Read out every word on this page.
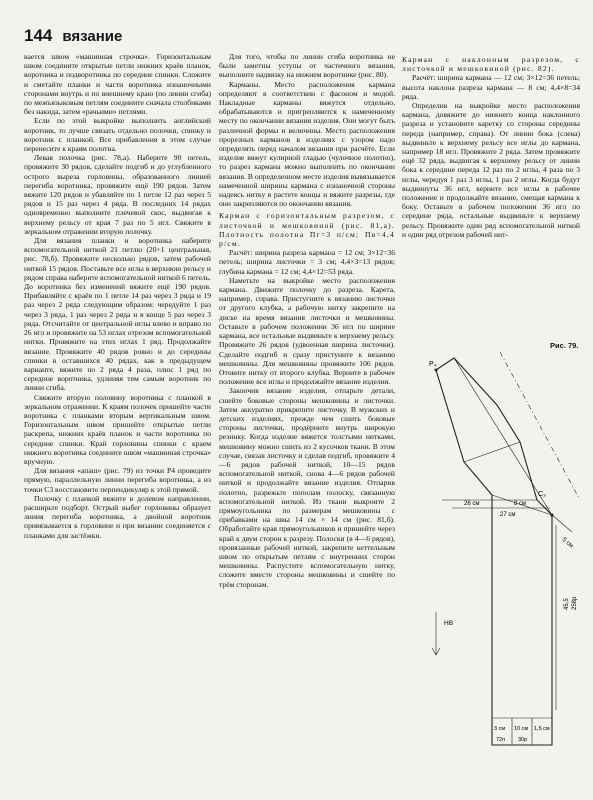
144 вязание

вается швом «машинная строчка». Горизонтальным швом соедините открытые петли нижних краёв планок, воротника и подворотника по середине спинки. Сложите и сметайте планки и части воротника изнаночными сторонами внутрь и по внешнему краю (по линии сгиба) по межъязыковым петлям соедините сначала столбиками без накида, затем «рачьими» петлями.

Если по этой выкройке выполнить английский воротник, то лучше связать отдельно полочки, спинку и воротник с планкой. Все прибавления в этом случае перенесите к краям полотна.

Левая полочка (рис. 78,а). Наберите 90 петель, провяжите 30 рядов, сделайте подгиб и до углубленного острого выреза горловины, образованного линией перегиба воротника, провяжите ещё 190 рядов. Затем вяжите 120 рядов и убавляйте по 1 петле 12 раз через 5 рядов и 15 раз через 4 ряда. В последних 14 рядах одновременно выполните плечевой скос, выдвигая к верхнему рельсу от края 7 раз по 5 игл. Свяжите в зеркальном отражении вторую полочку.

Для вязания планки и воротника наберите вспомогательной ниткой 21 петлю (20+1 центральная, рис. 78,б). Провяжите несколько рядов, затем рабочей ниткой 15 рядов. Поставьте все иглы в верхнюю рельсу и рядом справа наберите вспомогательной ниткой 6 петель. До воротника без изменений вяжите ещё 190 рядов. Прибавляйте с краёв по 1 петле 14 раз через 3 ряда и 19 раз через 2 ряда следующим образом: чередуйте 1 раз через 3 ряда, 1 раз через 2 ряда и в конце 5 раз через 3 ряда. Отсчитайте от центральной иглы влево и вправо по 26 игл и провяжите на 53 иглах отрезом вспомогательной нитки. Провяжите на этих иглах 1 ряд. Продолжайте вязание. Провяжите 40 рядов ровно и до середины спинки в оставшихся 40 рядах, как в предыдущем варианте, вяжите по 2 ряда 4 раза, плюс 1 ряд по середине воротника, удлиняя тем самым воротник по линии сгиба.

Свяжите вторую половину воротника с планкой в зеркальном отражении. К краям полочек пришейте части воротника с планками вторым вертикальным швом. Горизонтальным швом пришейте открытые петли раскрепа, нижних краёв планок и части воротника по середине спинки. Край горловины спинки с краем нижнего воротника соедините швом «машинная строчка» вручную.

Для вязания «апаш» (рис. 79) из точки P4 проведите прямую, параллельную линии перегиба воротника, а из точки C3 восстановите перпендикуляр к этой прямой.

Полочку с планкой вяжите в долевом направлении, расширьте подборт. Острый выбег горловины образует линия перегиба воротника, а двойной воротник привязывается к горловине и при вязании соединяется с планками для застёжки.

Для того, чтобы по линии сгиба воротника не были заметны уступы от частичного вязания, выполните надвязку на нижнем воротнике (рис. 80).

Карманы. Место расположения кармана определяют в соответствии с фасоном и модой. Накладные карманы вяжутся отдельно, обрабатываются и пригрепляются к намеченному месту по окончании вязания изделия. Они могут быть различной формы и величины. Место расположения прорезных карманов в изделиях с узором надо определять перед началом вязания при расчёте. Если изделие вяжут кулирной гладью (чулочное полотно), то разрез кармана можно выполнить по окончании вязания. В определенном месте изделия вывязывается намеченной ширины кармана с изнаночной стороны надеясь нитку в растете концы и вяжите разрезы, где они закрепляются по окончании вязания.

Карман с горизонтальным разрезом, с листочкой и мешковиной (рис. 81,а). Плотность полотна Пг=3 п/см; Пв=4,4 р/см.

Расчёт: ширина разреза кармана = 12 см; 3×12=36 петель; ширина листочки = 3 см; 4,4×3=13 рядов; глубина кармана = 12 см; 4,4×12=53 ряда.

Наметьте на выкройке место расположения кармана. Движите полочку до разреза. Карета, например, справа. Пристугните к вязанию листочки от другого клубка, а рабочую нитку закрепите на диске на время вязания листочки и мешковины. Оставьте в рабочем положении 36 игл по ширине кармана, все остальные выдвиньте к верхнему рельсу. Провяжите 26 рядов (удвоенная ширина листочки). Сделайте подгиб и сразу пристуните к вязанию мешковины. Для мешковины провяжите 106 рядов. Отовите нитку от второго клубка. Верните в рабочее положение все иглы и продолжайте вязание изделия.

Закончив вязание изделия, отпарьте детали, сшейте боковые стороны мешковины и листочки. Затем аккуратно прикрепите листочку. В мужских и детских изделиях, прежде чем сшить боковые стороны листочки, продёрните внутрь широкую резинку. Когда изделие вяжется толстыми нитками, мешковину можно сшить из 2 кусочков ткани. В этом случае, связав листочку и сделав подгиб, провяжите 4—6 рядов рабочей ниткой, 10—15 рядов вспомогательной ниткой, снова 4—6 рядов рабочей ниткой и продолжайте вязание изделия. Отпарив полотно, разрежьте пополам полоску, связанную вспомогательной ниткой. Из ткани выкроите 2 прямоугольника по размерам мешковины с прибавками на швы 14 см × 14 см (рис. 81,б). Обработайте края прямоугольников и пришейте через край к двум сторон к разрезу. Полоски (в 4—6 рядов), провязанные рабочей ниткой, закрепите кеттельным швом по открытым петлям с внутренних сторон мешковины. Распустите вспомогательную нитку, сложите вместе стороны мешковины и сшейте по трём сторонам.

Карман с наклонным разрезом, с листочкой и мешковиной (рис. 82).

Расчёт: ширина кармана — 12 см; 3×12=36 петель; высота наклона разреза кармана — 8 см; 4,4×8=34 ряда.

Определив на выкройке место расположения кармана, довяжите до нижнего конца наклонного разреза и установите каретку со стороны середины переда (например, справа). От линии бока (слева) выдвиньте к верхнему рельсу все иглы до кармана, например 18 игл. Провяжите 2 ряда. Затем провяжите ещё 32 ряда, выдвигая к верхнему рельсу от линии бока к середине переда 12 раз по 2 иглы, 4 раза по 3 иглы, чередуя 1 раз 3 иглы, 1 раз 2 иглы. Когда будут выдвинуты 36 игл, верните все иглы в рабочее положение и продолжайте вязание, смещая кармана к боку. Оставьте в рабочем положении 36 игл по середине ряда, остальные выдвиньте к верхнему рельсу. Провяжите один ряд вспомогательной ниткой и один ряд отрезом рабочей нит-

Рис. 79.
P₄
C₃
НВ
26 см	8 см
27 см
5 см
45,5 258р
3 см 10 см 1,5 см
72п 30р
